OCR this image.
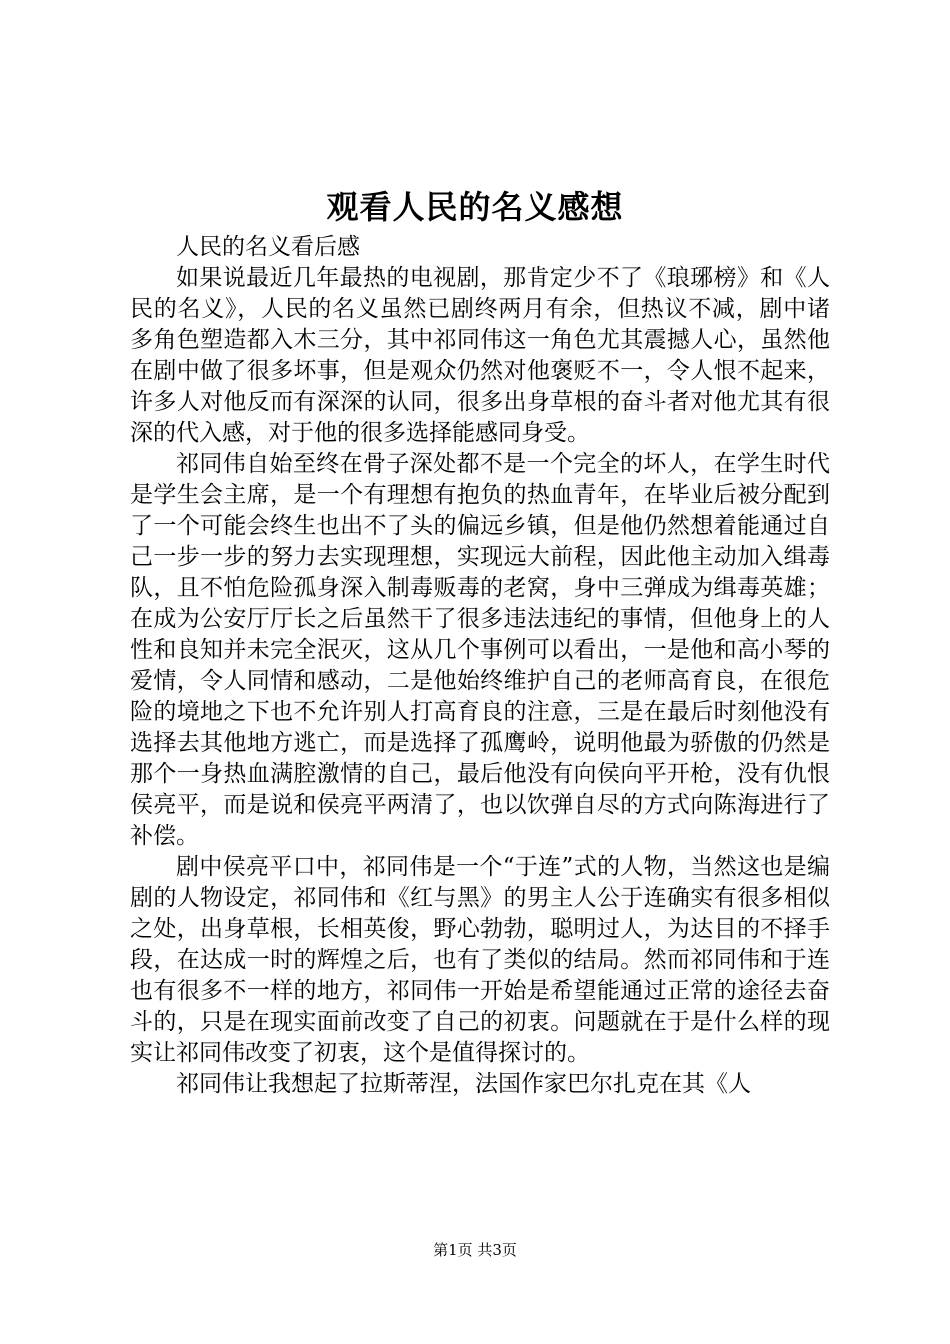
观看人民的名义感想

人民的名义看后感

如果说最近几年最热的电视剧，那肯定少不了《琅琊榜》和《人民的名义》，人民的名义虽然已剧终两月有余，但热议不减，剧中诸多角色塑造都入木三分，其中祁同伟这一角色尤其震撼人心，虽然他在剧中做了很多坏事，但是观众仍然对他褒贬不一，令人恨不起来，许多人对他反而有深深的认同，很多出身草根的奋斗者对他尤其有很深的代入感，对于他的很多选择能感同身受。

祁同伟自始至终在骨子深处都不是一个完全的坏人，在学生时代是学生会主席，是一个有理想有抱负的热血青年，在毕业后被分配到了一个可能会终生也出不了头的偏远乡镇，但是他仍然想着能通过自己一步一步的努力去实现理想，实现远大前程，因此他主动加入缉毒队，且不怕危险孤身深入制毒贩毒的老窝，身中三弹成为缉毒英雄；在成为公安厅厅长之后虽然干了很多违法违纪的事情，但他身上的人性和良知并未完全泯灭，这从几个事例可以看出，一是他和高小琴的爱情，令人同情和感动，二是他始终维护自己的老师高育良，在很危险的境地之下也不允许别人打高育良的注意，三是在最后时刻他没有选择去其他地方逃亡，而是选择了孤鹰岭，说明他最为骄傲的仍然是那个一身热血满腔激情的自己，最后他没有向侯向平开枪，没有仇恨侯亮平，而是说和侯亮平两清了，也以饮弹自尽的方式向陈海进行了补偿。

剧中侯亮平口中，祁同伟是一个“于连”式的人物，当然这也是编剧的人物设定，祁同伟和《红与黑》的男主人公于连确实有很多相似之处，出身草根，长相英俊，野心勃勃，聪明过人，为达目的不择手段，在达成一时的辉煌之后，也有了类似的结局。然而祁同伟和于连也有很多不一样的地方，祁同伟一开始是希望能通过正常的途径去奋斗的，只是在现实面前改变了自己的初衷。问题就在于是什么样的现实让祁同伟改变了初衷，这个是值得探讨的。

祁同伟让我想起了拉斯蒂涅，法国作家巴尔扎克在其《人

第1页 共3页
